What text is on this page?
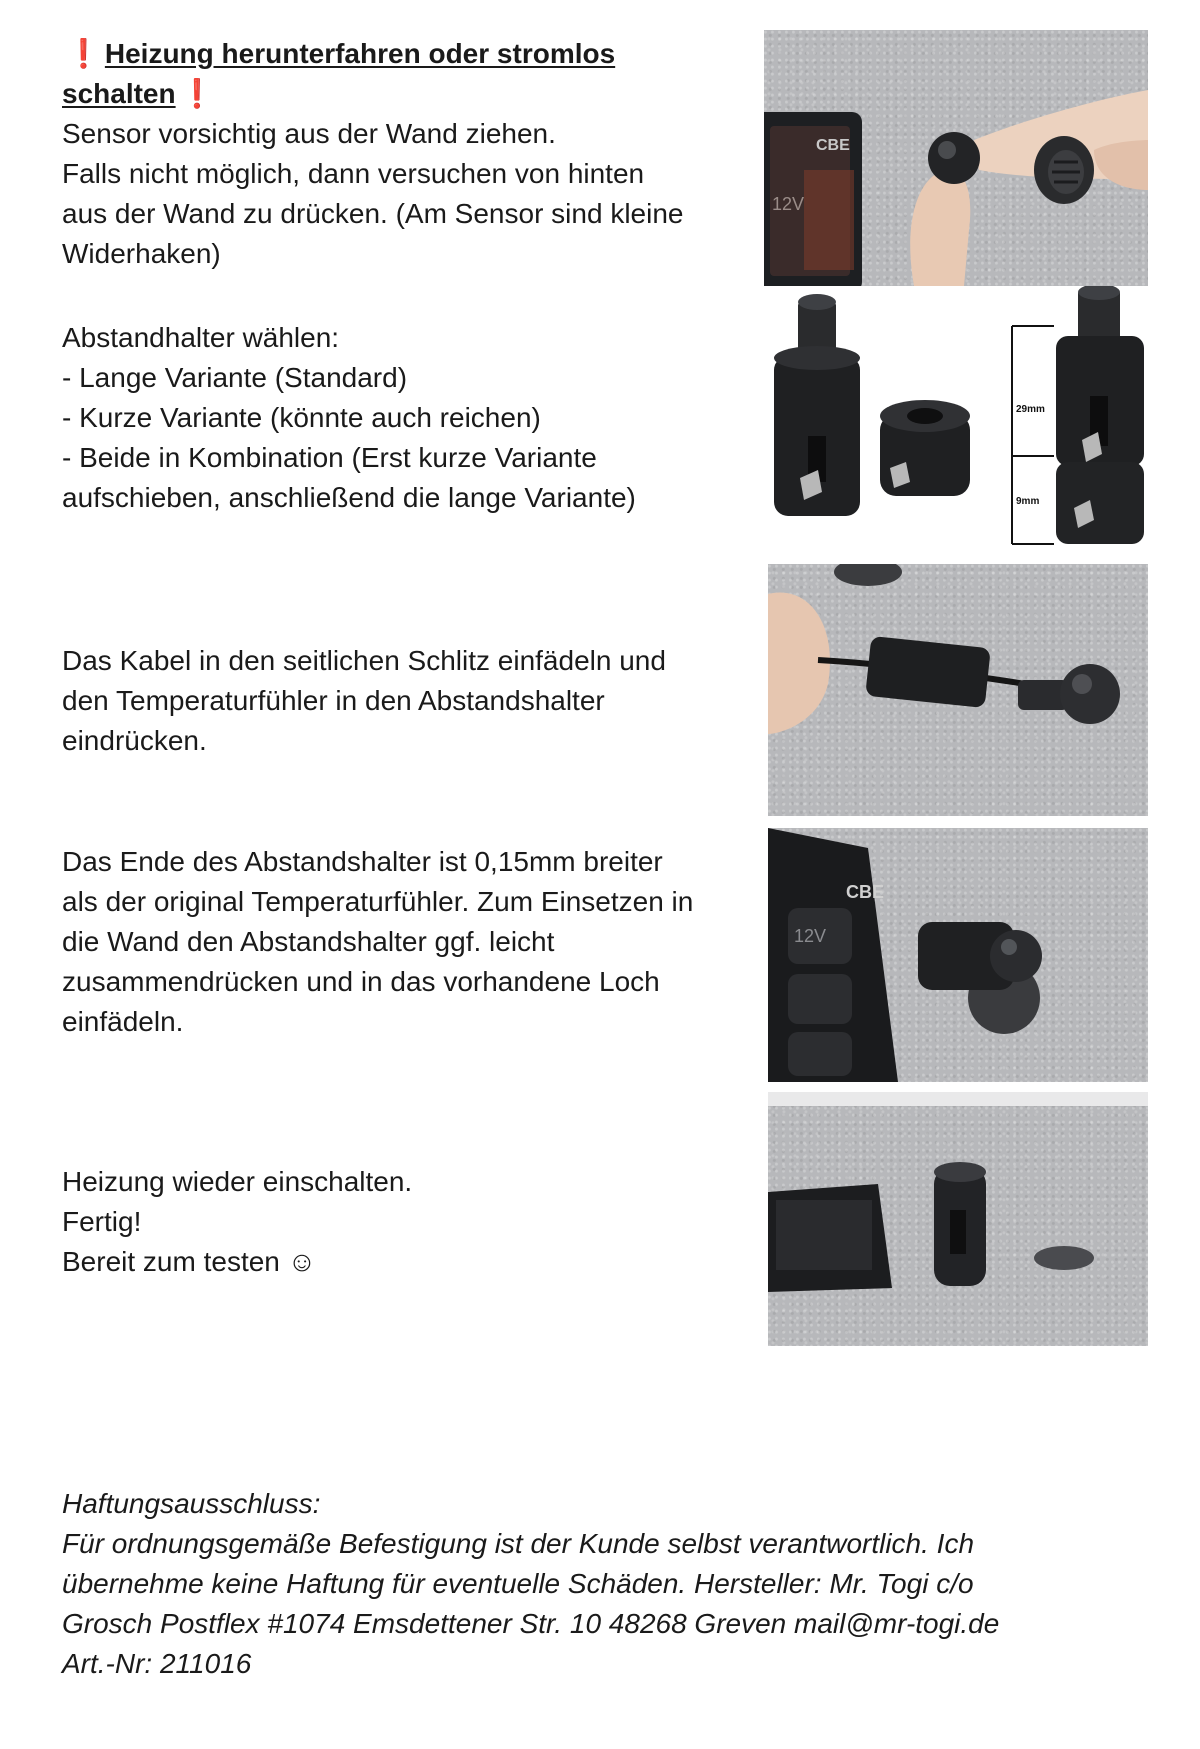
❗ Heizung herunterfahren oder stromlos
schalten ❗
Sensor vorsichtig aus der Wand ziehen.
Falls nicht möglich, dann versuchen von hinten
aus der Wand zu drücken. (Am Sensor sind kleine
Widerhaken)
Abstandhalter wählen:
- Lange Variante (Standard)
- Kurze Variante (könnte auch reichen)
- Beide in Kombination (Erst kurze Variante
aufschieben, anschließend die lange Variante)
Das Kabel in den seitlichen Schlitz einfädeln und
den Temperaturfühler in den Abstandshalter
eindrücken.
Das Ende des Abstandshalter ist 0,15mm breiter
als der original Temperaturfühler. Zum Einsetzen in
die Wand den Abstandshalter ggf. leicht
zusammendrücken und in das vorhandene Loch
einfädeln.
Heizung wieder einschalten.
Fertig!
Bereit zum testen ☺
CBE
12V
29mm
9mm
CBE
12V
Haftungsausschluss:
Für ordnungsgemäße Befestigung ist der Kunde selbst verantwortlich. Ich
übernehme keine Haftung für eventuelle Schäden. Hersteller: Mr. Togi c/o
Grosch Postflex #1074 Emsdettener Str. 10 48268 Greven mail@mr-togi.de
Art.-Nr: 211016
